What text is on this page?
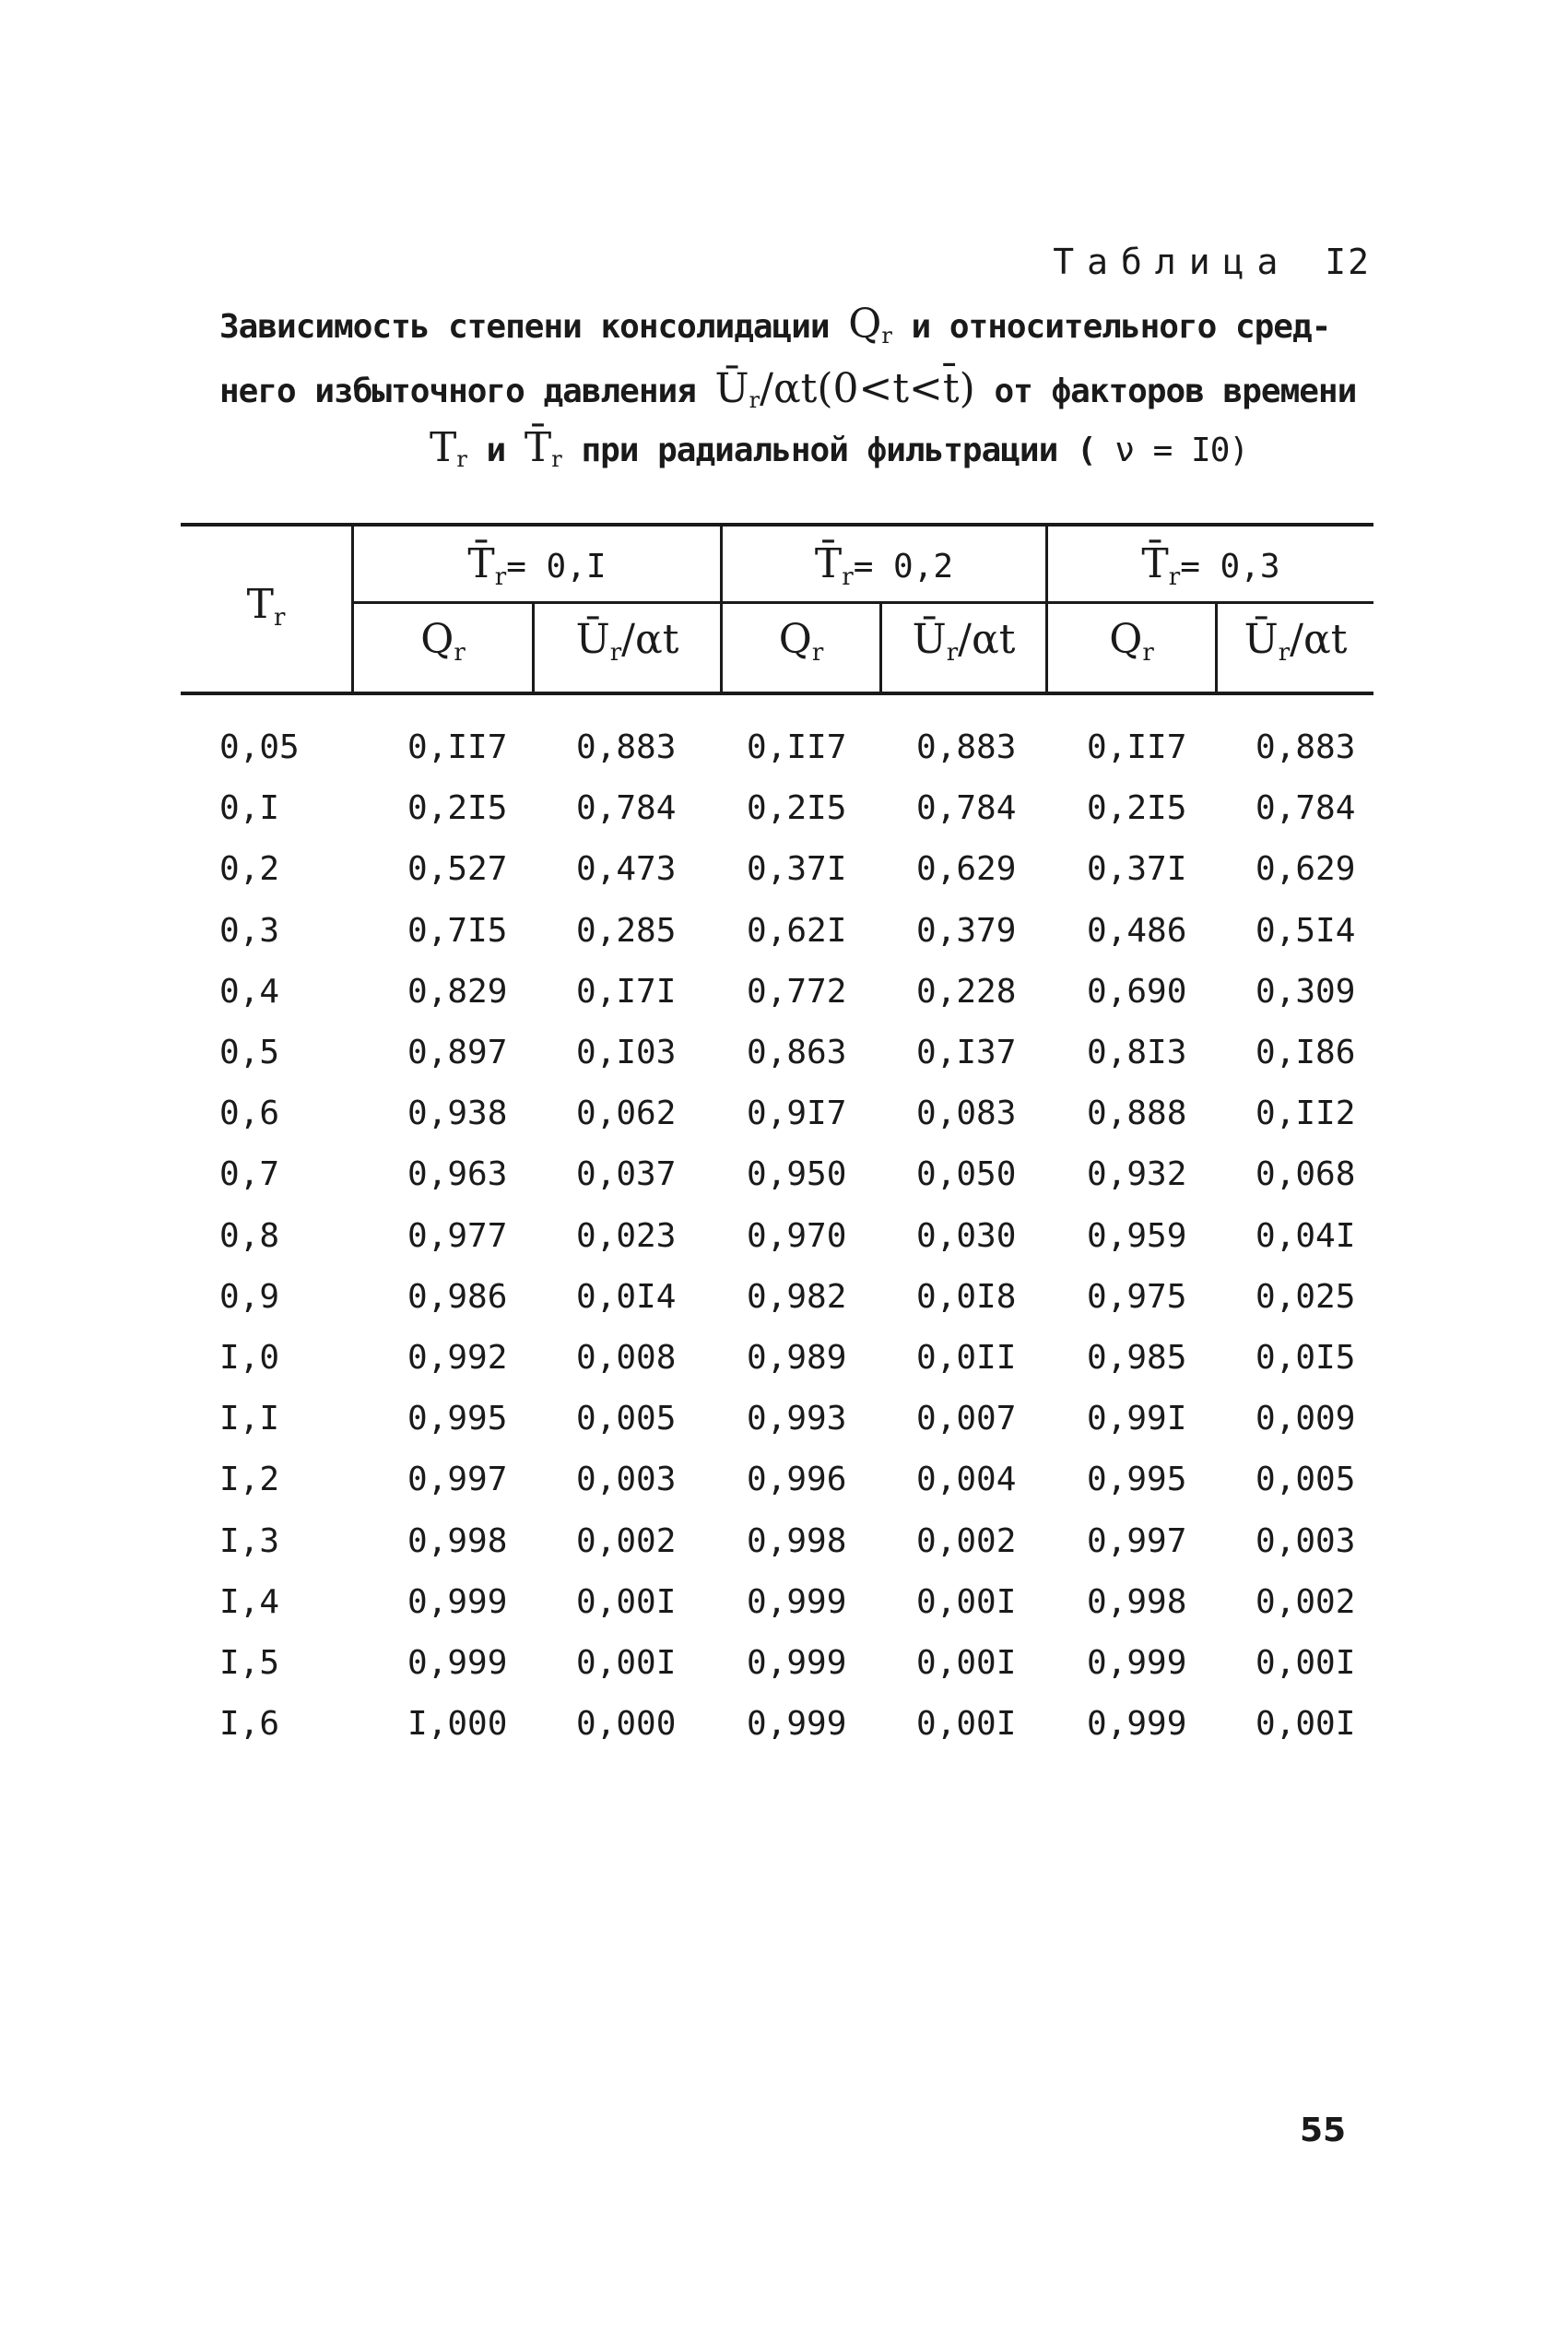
Таблица I2
Зависимость степени консолидации $Q_r$ и относительного сред-
него избыточного давления $Ū_r/\alpha t(0<t<t̄)$ от факторов времени
$T_r$ и $T̄_r$ при радиальной фильтрации ( ν = I0)
$T_r$
$T̄_r= 0,I$	$T̄_r= 0,2$	$T̄_r= 0,3$
$Q_r$	$Ū_r/\alpha t$	$Q_r$	$Ū_r/\alpha t$	$Q_r$	$Ū_r/\alpha t$
0,05	0,II7 0,883 0,II7 0,883 0,II7 0,883
0,I	0,2I5 0,784 0,2I5 0,784 0,2I5 0,784
0,2	0,527 0,473 0,37I 0,629 0,37I 0,629
0,3	0,7I5 0,285 0,62I 0,379 0,486 0,5I4
0,4	0,829 0,I7I 0,772 0,228 0,690 0,309
0,5	0,897 0,I03 0,863 0,I37 0,8I3 0,I86
0,6	0,938 0,062 0,9I7 0,083 0,888 0,II2
0,7	0,963 0,037 0,950 0,050 0,932 0,068
0,8	0,977 0,023 0,970 0,030 0,959 0,04I
0,9	0,986 0,0I4 0,982 0,0I8 0,975 0,025
I,0	0,992 0,008 0,989 0,0II 0,985 0,0I5
I,I	0,995 0,005 0,993 0,007 0,99I 0,009
I,2	0,997 0,003 0,996 0,004 0,995 0,005
I,3	0,998 0,002 0,998 0,002 0,997 0,003
I,4	0,999 0,00I 0,999 0,00I 0,998 0,002
I,5	0,999 0,00I 0,999 0,00I 0,999 0,00I
I,6	I,000 0,000 0,999 0,00I 0,999 0,00I
55
